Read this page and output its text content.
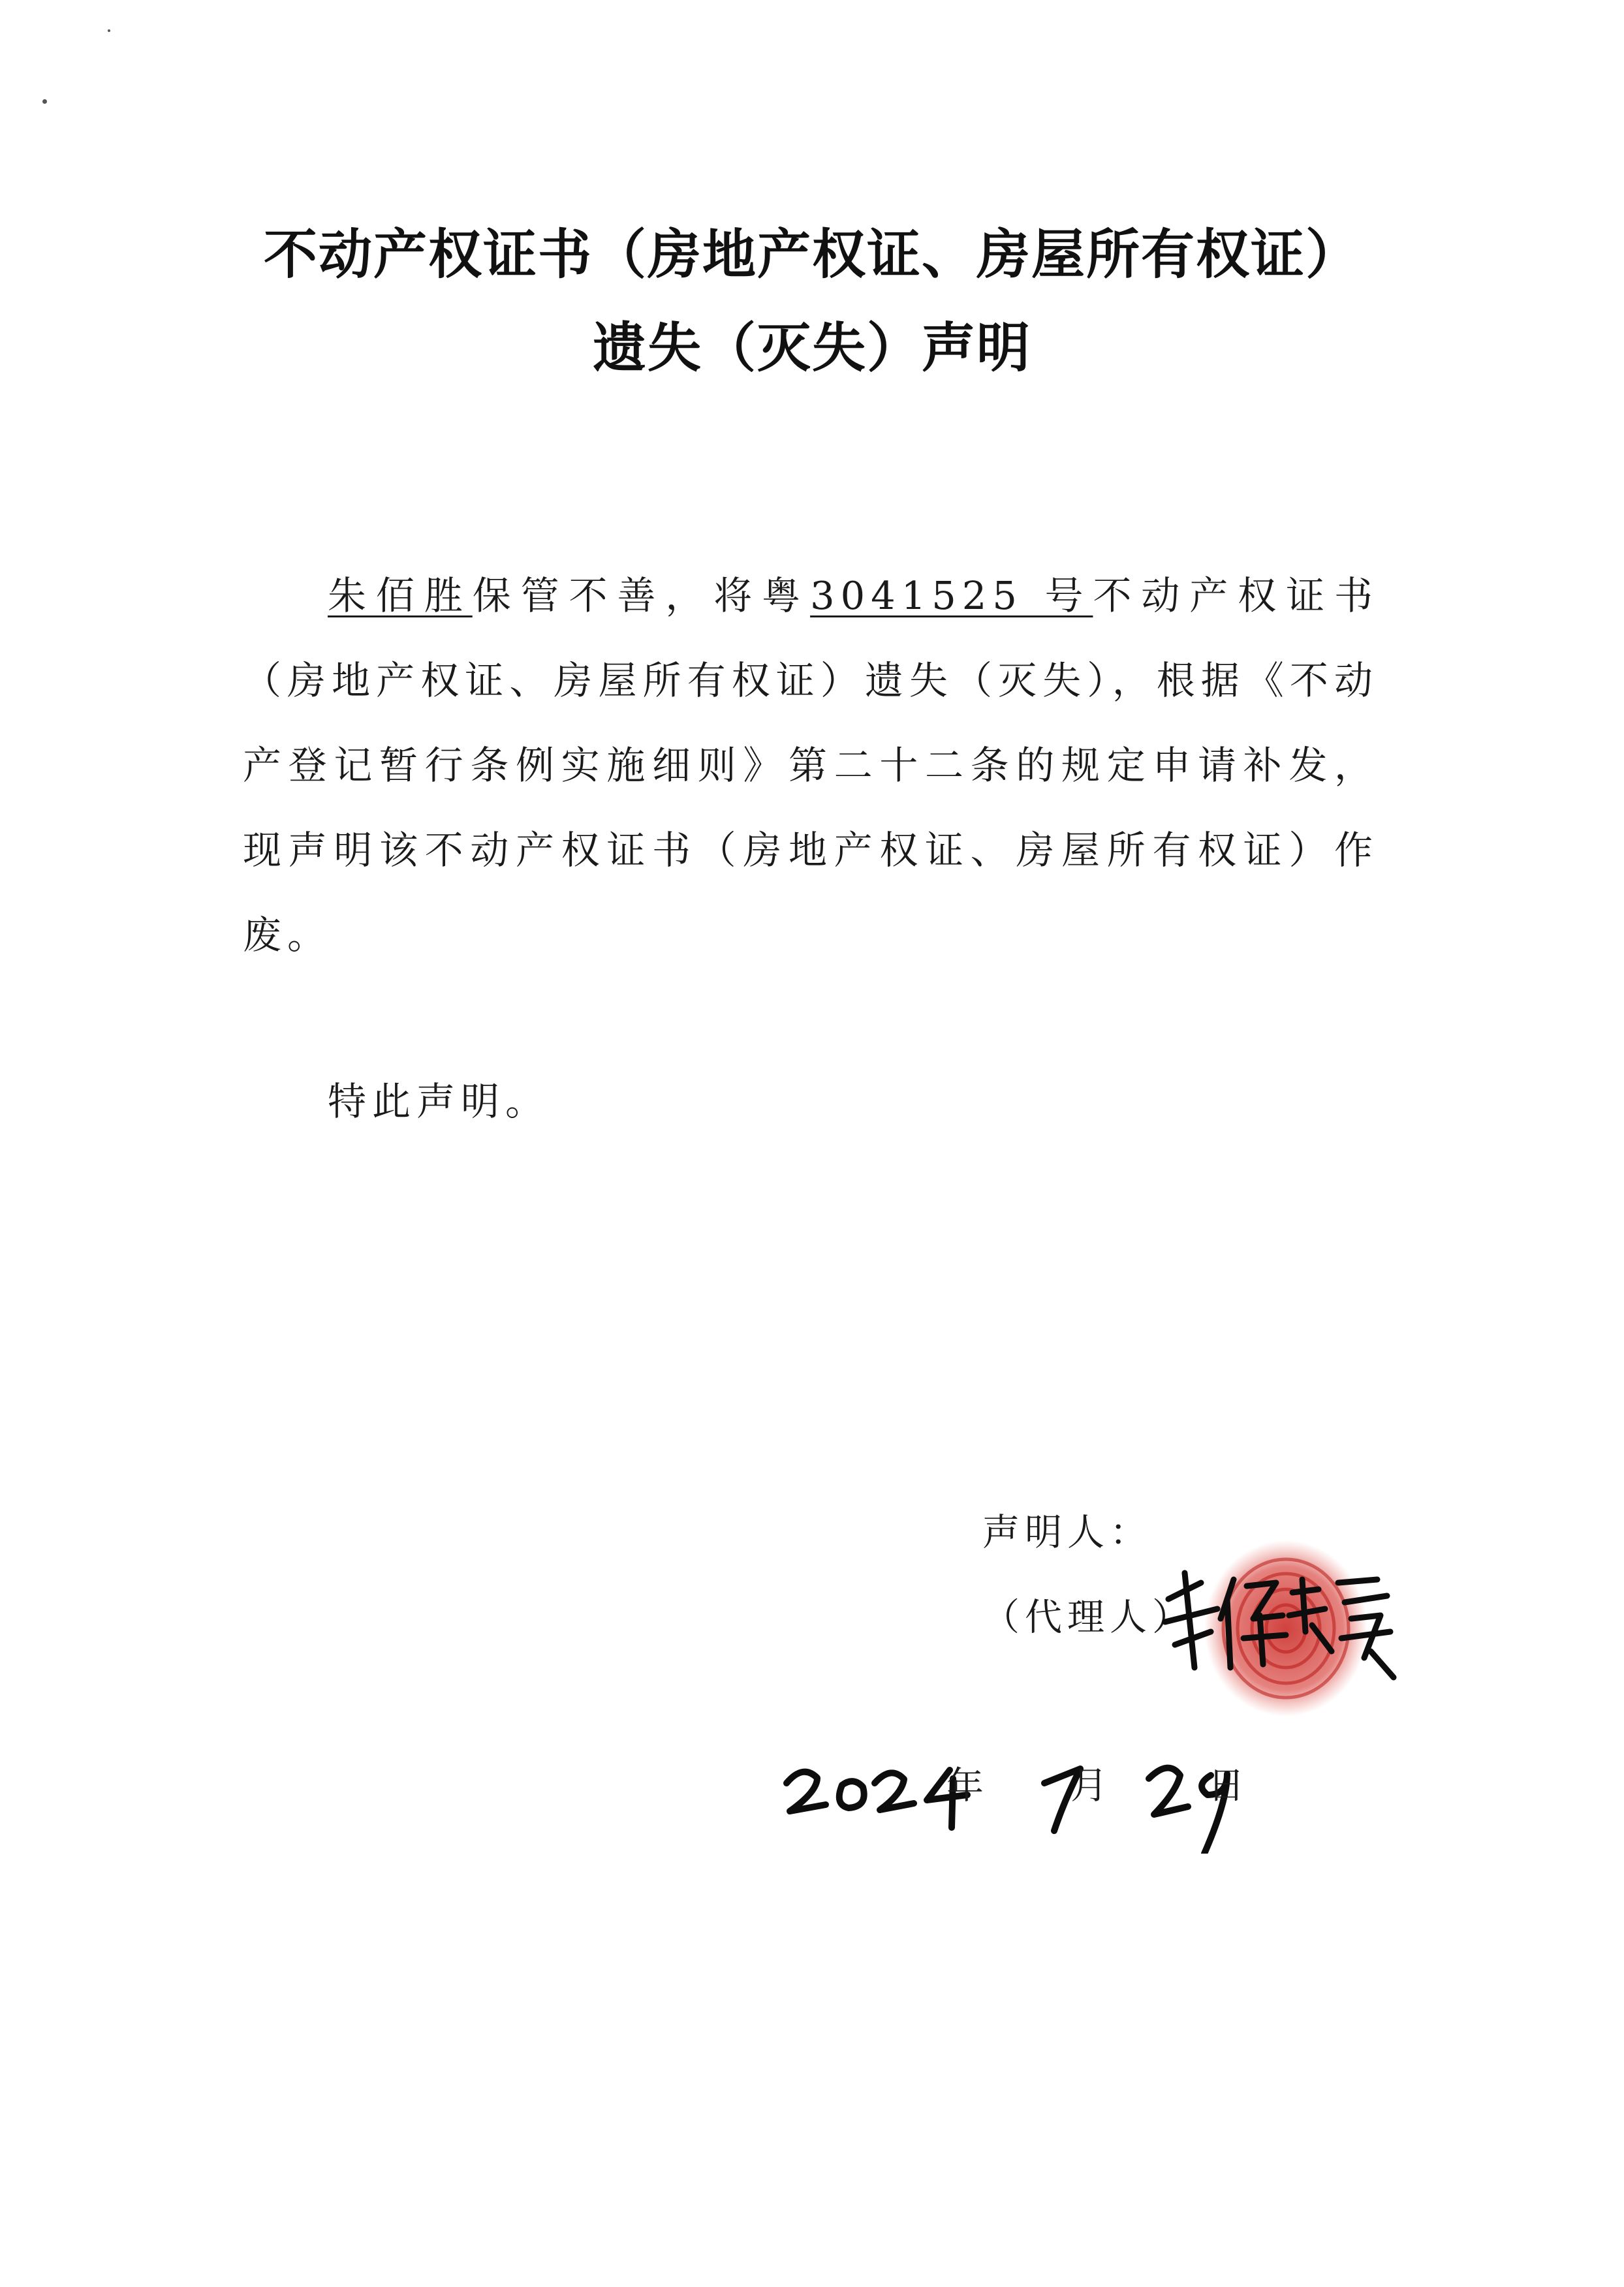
不动产权证书（房地产权证、房屋所有权证）
遗失（灭失）声明
朱佰胜保管不善，将粤3041525 号不动产权证书（房地产权证、房屋所有权证）遗失（灭失），根据《不动产登记暂行条例实施细则》第二十二条的规定申请补发，现声明该不动产权证书（房地产权证、房屋所有权证）作废。
特此声明。
声明人：
（代理人）
年 月	日
